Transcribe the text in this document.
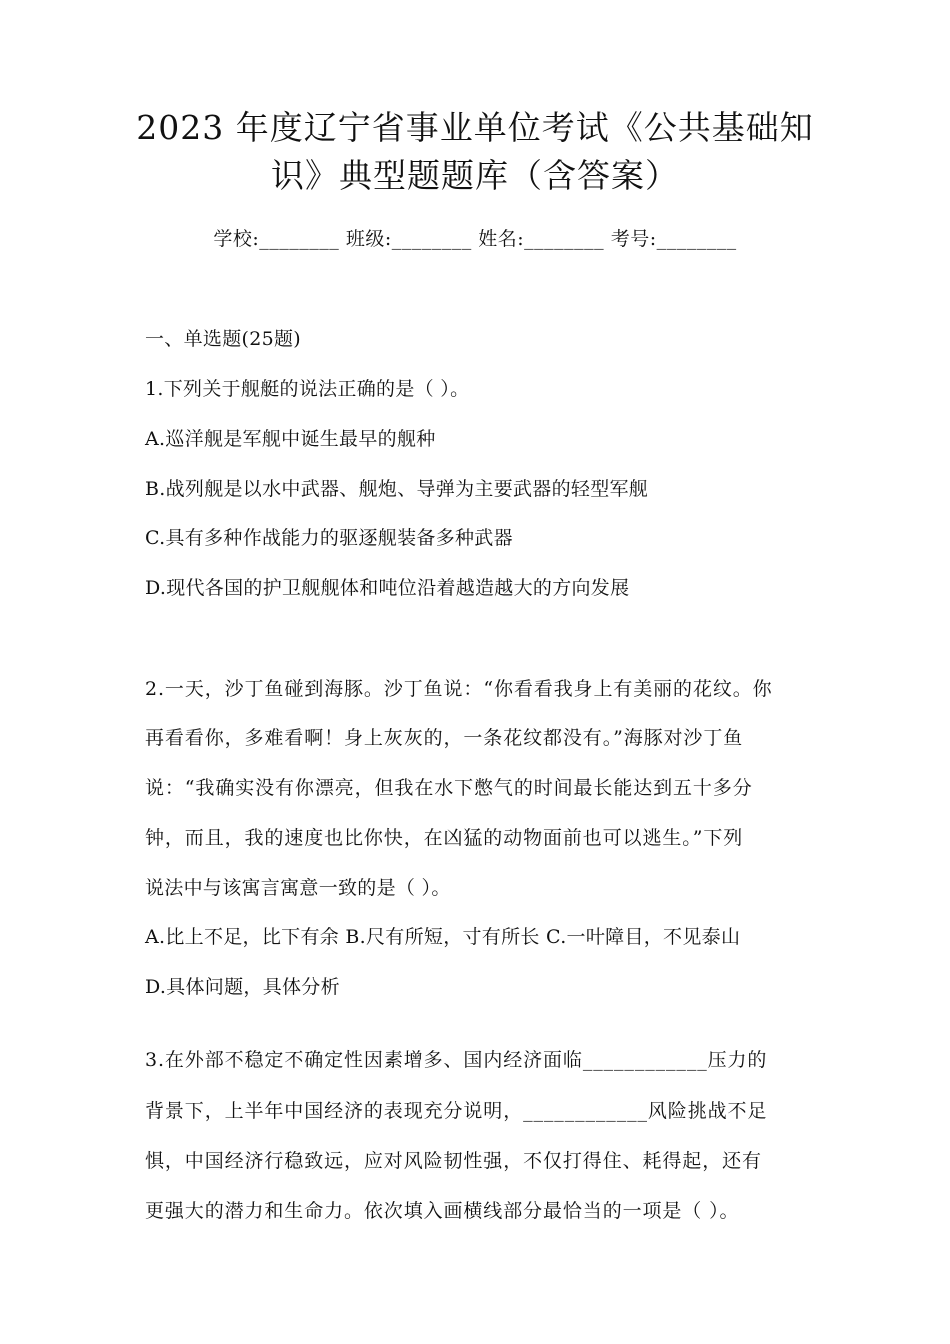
2023 年度辽宁省事业单位考试《公共基础知
识》典型题题库（含答案）
学校:________ 班级:________ 姓名:________ 考号:________
一、单选题(25题)
1.下列关于舰艇的说法正确的是（ ）。
A.巡洋舰是军舰中诞生最早的舰种
B.战列舰是以水中武器、舰炮、导弹为主要武器的轻型军舰
C.具有多种作战能力的驱逐舰装备多种武器
D.现代各国的护卫舰舰体和吨位沿着越造越大的方向发展
2.一天，沙丁鱼碰到海豚。沙丁鱼说：“你看看我身上有美丽的花纹。你
再看看你，多难看啊！身上灰灰的，一条花纹都没有。”海豚对沙丁鱼
说：“我确实没有你漂亮，但我在水下憋气的时间最长能达到五十多分
钟，而且，我的速度也比你快，在凶猛的动物面前也可以逃生。”下列
说法中与该寓言寓意一致的是（ ）。
A.比上不足，比下有余 B.尺有所短，寸有所长 C.一叶障目，不见泰山
D.具体问题，具体分析
3.在外部不稳定不确定性因素增多、国内经济面临____________压力的
背景下，上半年中国经济的表现充分说明，____________风险挑战不足
惧，中国经济行稳致远，应对风险韧性强，不仅打得住、耗得起，还有
更强大的潜力和生命力。依次填入画横线部分最恰当的一项是（ ）。
